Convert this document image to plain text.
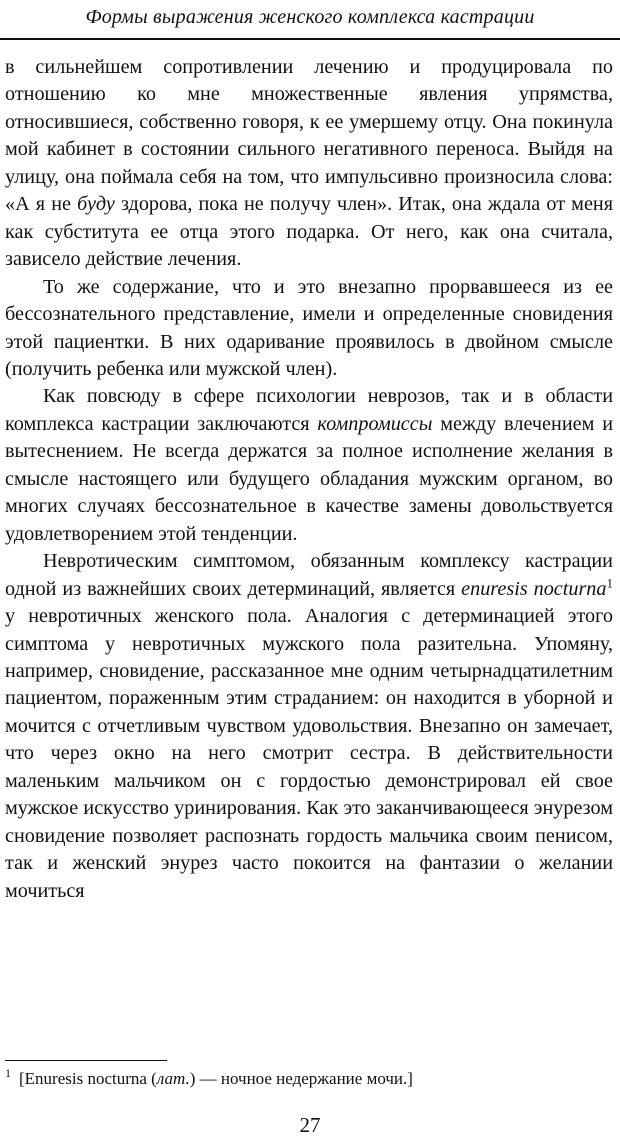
Формы выражения женского комплекса кастрации

в сильнейшем сопротивлении лечению и продуцировала по отношению ко мне множественные явления упрямства, относившиеся, собственно говоря, к ее умершему отцу. Она покинула мой кабинет в состоянии сильного негативного переноса. Выйдя на улицу, она поймала себя на том, что импульсивно произносила слова: «А я не буду здорова, пока не получу член». Итак, она ждала от меня как субститута ее отца этого подарка. От него, как она считала, зависело действие лечения.

То же содержание, что и это внезапно прорвавшееся из ее бессознательного представление, имели и определенные сновидения этой пациентки. В них одаривание проявилось в двойном смысле (получить ребенка или мужской член).

Как повсюду в сфере психологии неврозов, так и в области комплекса кастрации заключаются компромиссы между влечением и вытеснением. Не всегда держатся за полное исполнение желания в смысле настоящего или будущего обладания мужским органом, во многих случаях бессознательное в качестве замены довольствуется удовлетворением этой тенденции.

Невротическим симптомом, обязанным комплексу кастрации одной из важнейших своих детерминаций, является enuresis nocturna$^1$ у невротичных женского пола. Аналогия с детерминацией этого симптома у невротичных мужского пола разительна. Упомяну, например, сновидение, рассказанное мне одним четырнадцатилетним пациентом, пораженным этим страданием: он находится в уборной и мочится с отчетливым чувством удовольствия. Внезапно он замечает, что через окно на него смотрит сестра. В действительности маленьким мальчиком он с гордостью демонстрировал ей свое мужское искусство уринирования. Как это заканчивающееся энурезом сновидение позволяет распознать гордость мальчика своим пенисом, так и женский энурез часто покоится на фантазии о желании мочиться

$^1$ [Enuresis nocturna (лат.) — ночное недержание мочи.]
27
